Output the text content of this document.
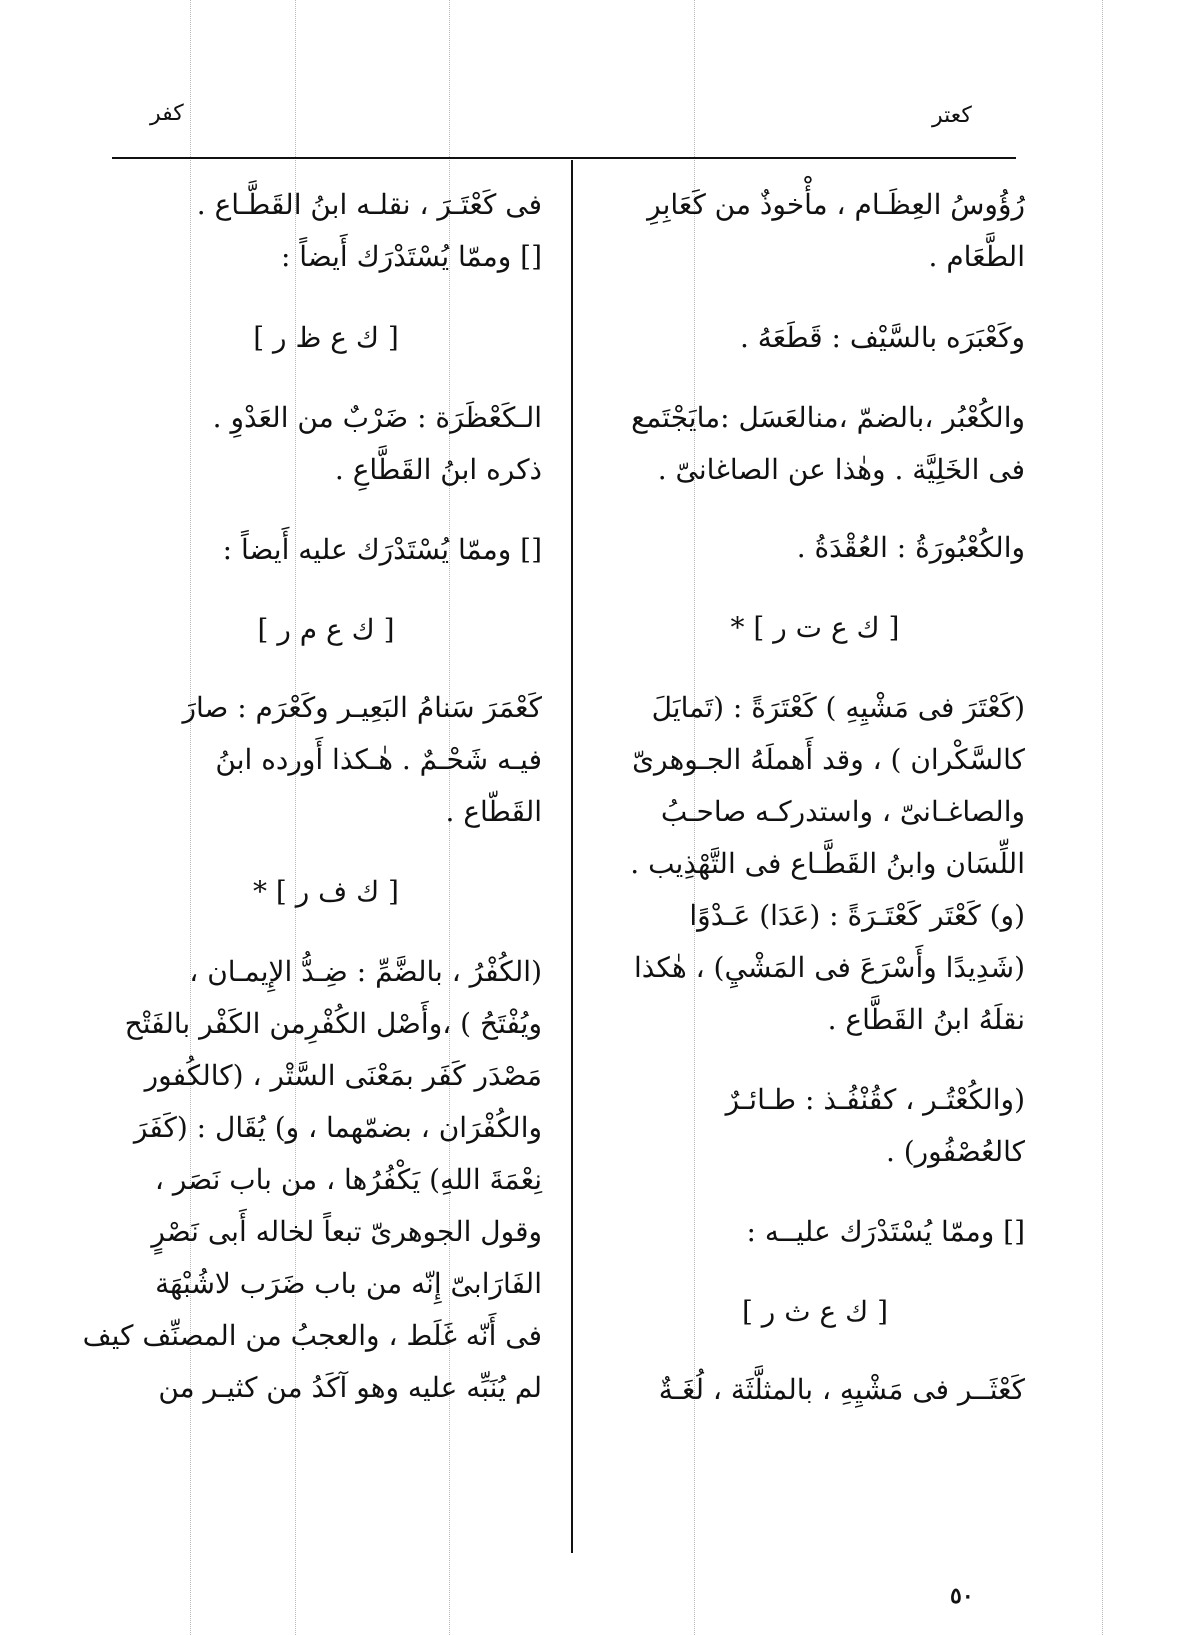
كفر	كعتر
رُؤُوسُ العِظَـام ، مأْخوذٌ من كَعَابِرِ
الطَّعَام .
وكَعْبَرَه بالسَّيْف : قَطَعَهُ .
والكُعْبُر ،بالضمّ ،منالعَسَل :مايَجْتَمع
فى الخَلِيَّة . وهٰذا عن الصاغانىّ .
والكُعْبُورَةُ : العُقْدَةُ .
[ ك ع ت ر ] *
(كَعْتَرَ فى مَشْيِهِ ) كَعْتَرَةً : (تَمايَلَ
كالسَّكْران ) ، وقد أَهملَهُ الجـوهرىّ
والصاغـانىّ ، واستدركـه صاحـبُ
اللِّسَان وابنُ القَطَّـاع فى التَّهْذِيب .
(و) كَعْتَر كَعْتَـرَةً : (عَدَا) عَـدْوًا
(شَدِيدًا وأَسْرَعَ فى المَشْيِ) ، هٰكذا
نقلَهُ ابنُ القَطَّاع .
(والكُعْتُـر ، كقُنْفُـذ : طـائـرٌ
كالعُصْفُور) .
[] وممّا يُسْتَدْرَك عليــه :
[ ك ع ث ر ]
كَعْثَــر فى مَشْيِهِ ، بالمثلَّثَة ، لُغَـةٌ
فى كَعْتَـرَ ، نقلـه ابنُ القَطَّـاع .
[] وممّا يُسْتَدْرَك أَيضاً :
[ ك ع ظ ر ]
الـكَعْظَرَة : ضَرْبٌ من العَدْوِ .
ذكره ابنُ القَطَّاعِ .
[] وممّا يُسْتَدْرَك عليه أَيضاً :
[ ك ع م ر ]
كَعْمَرَ سَنامُ البَعِيـر وكَعْرَم : صارَ
فيـه شَحْـمٌ . هٰـكذا أَورده ابنُ
القَطّاع .
[ ك ف ر ] *
(الكُفْرُ ، بالضَّمِّ : ضِـدُّ الإِيمـان ،
ويُفْتَحُ ) ،وأَصْل الكُفْرِمن الكَفْر بالفَتْح
مَصْدَر كَفَر بمَعْنَى السَّتْر ، (كالكُفور
والكُفْرَان ، بضمّهما ، و) يُقَال : (كَفَرَ
نِعْمَةَ اللهِ) يَكْفُرُها ، من باب نَصَر ،
وقول الجوهرىّ تبعاً لخاله أَبى نَصْرٍ
الفَارَابىّ إِنّه من باب ضَرَب لاشُبْهَة
فى أَنّه غَلَط ، والعجبُ من المصنِّف كيف
لم يُنَبِّه عليه وهو آكَدُ من كثيـر من
٥٠
